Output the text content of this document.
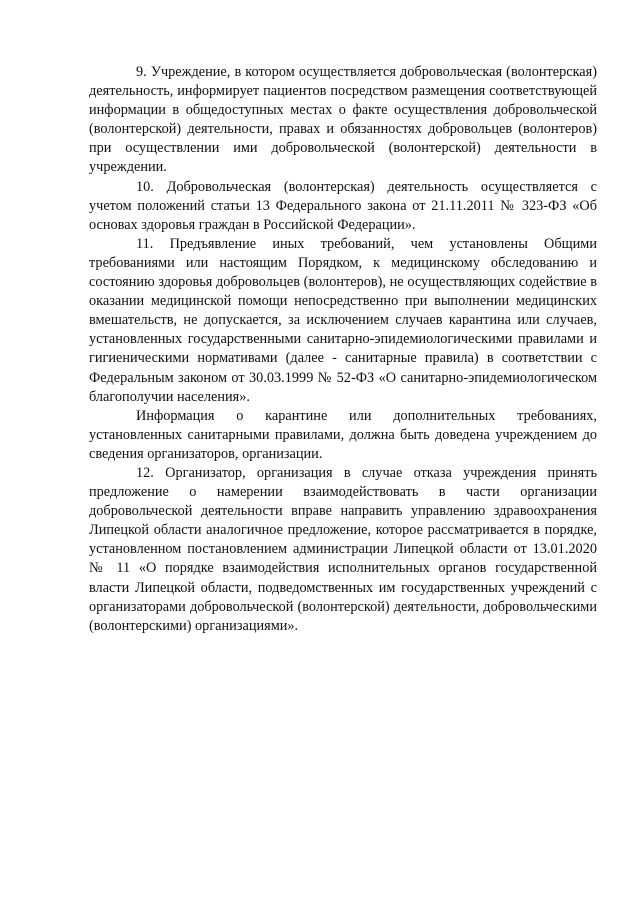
9. Учреждение, в котором осуществляется добровольческая (волонтерская) деятельность, информирует пациентов посредством размещения соответствующей информации в общедоступных местах о факте осуществления добровольческой (волонтерской) деятельности, правах и обязанностях добровольцев (волонтеров) при осуществлении ими добровольческой (волонтерской) деятельности в учреждении.

10. Добровольческая (волонтерская) деятельность осуществляется с учетом положений статьи 13 Федерального закона от 21.11.2011 № 323-ФЗ «Об основах здоровья граждан в Российской Федерации».

11. Предъявление иных требований, чем установлены Общими требованиями или настоящим Порядком, к медицинскому обследованию и состоянию здоровья добровольцев (волонтеров), не осуществляющих содействие в оказании медицинской помощи непосредственно при выполнении медицинских вмешательств, не допускается, за исключением случаев карантина или случаев, установленных государственными санитарно-эпидемиологическими правилами и гигиеническими нормативами (далее - санитарные правила) в соответствии с Федеральным законом от 30.03.1999 № 52-ФЗ «О санитарно-эпидемиологическом благополучии населения».

Информация о карантине или дополнительных требованиях, установленных санитарными правилами, должна быть доведена учреждением до сведения организаторов, организации.

12. Организатор, организация в случае отказа учреждения принять предложение о намерении взаимодействовать в части организации добровольческой деятельности вправе направить управлению здравоохранения Липецкой области аналогичное предложение, которое рассматривается в порядке, установленном постановлением администрации Липецкой области от 13.01.2020 № 11 «О порядке взаимодействия исполнительных органов государственной власти Липецкой области, подведомственных им государственных учреждений с организаторами добровольческой (волонтерской) деятельности, добровольческими (волонтерскими) организациями».
